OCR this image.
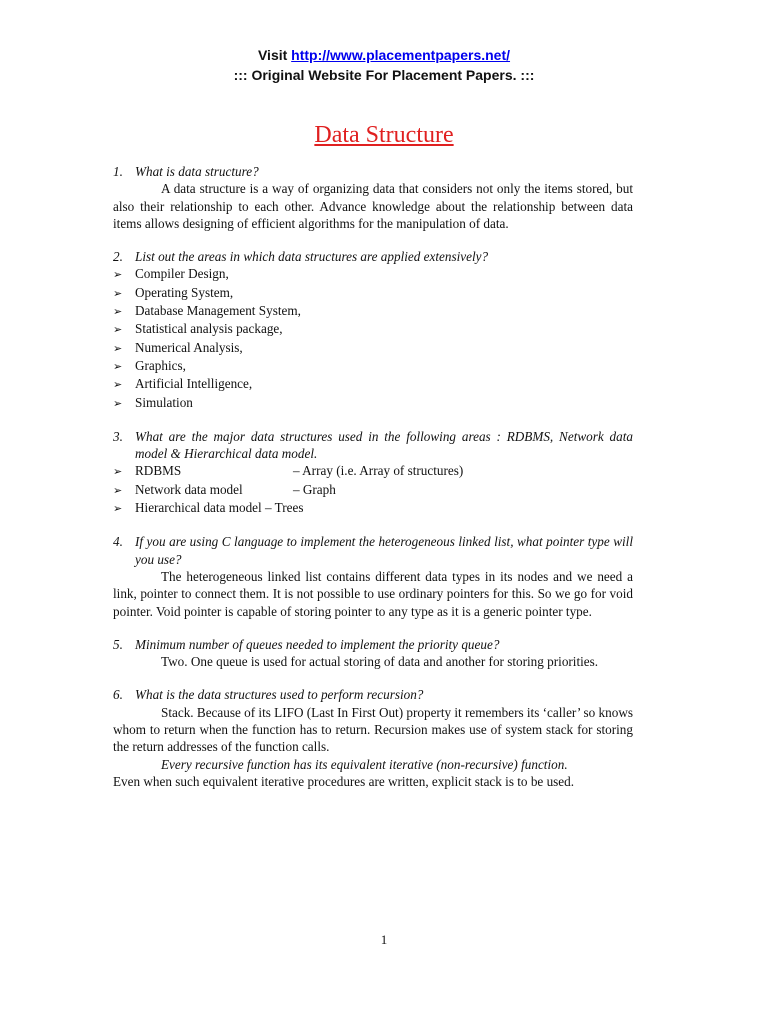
Visit http://www.placementpapers.net/
::: Original Website For Placement Papers. :::
Data Structure
1. What is data structure?

A data structure is a way of organizing data that considers not only the items stored, but also their relationship to each other. Advance knowledge about the relationship between data items allows designing of efficient algorithms for the manipulation of data.

2. List out the areas in which data structures are applied extensively?
➢ Compiler Design,
➢ Operating System,
➢ Database Management System,
➢ Statistical analysis package,
➢ Numerical Analysis,
➢ Graphics,
➢ Artificial Intelligence,
➢ Simulation
3. What are the major data structures used in the following areas : RDBMS, Network data model & Hierarchical data model.
➢ RDBMS	– Array (i.e. Array of structures)
➢ Network data model	– Graph
➢ Hierarchical data model
– Trees
4. If you are using C language to implement the heterogeneous linked list, what pointer type will you use?

The heterogeneous linked list contains different data types in its nodes and we need a link, pointer to connect them. It is not possible to use ordinary pointers for this. So we go for void pointer. Void pointer is capable of storing pointer to any type as it is a generic pointer type.

5. Minimum number of queues needed to implement the priority queue?

Two. One queue is used for actual storing of data and another for storing priorities.

6. What is the data structures used to perform recursion?

Stack. Because of its LIFO (Last In First Out) property it remembers its ‘caller’ so knows whom to return when the function has to return. Recursion makes use of system stack for storing the return addresses of the function calls.

Every recursive function has its equivalent iterative (non-recursive) function.

Even when such equivalent iterative procedures are written, explicit stack is to be used.

1
